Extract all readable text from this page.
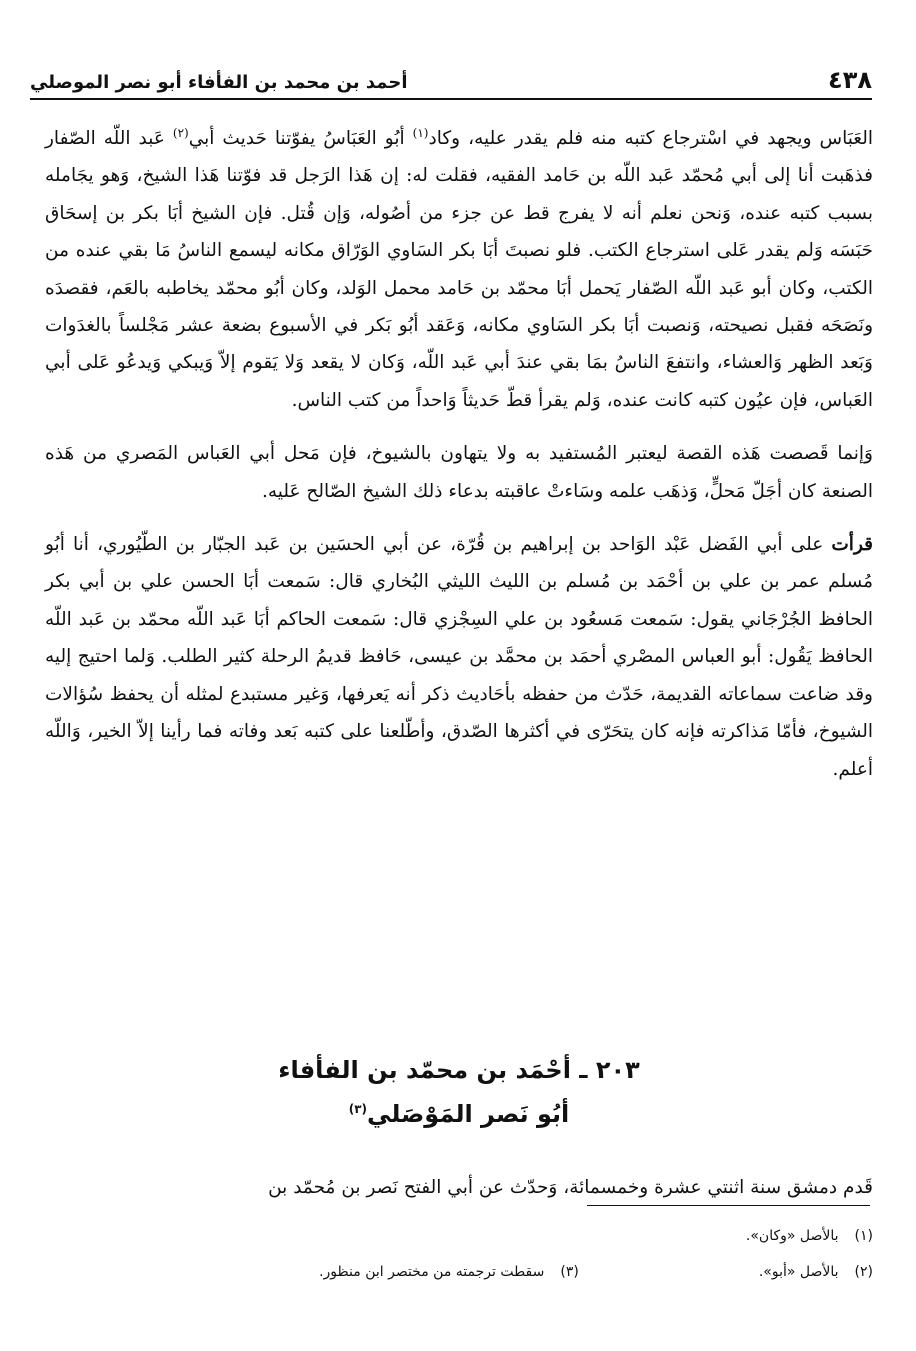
٤٣٨
أحمد بن محمد بن الفأفاء أبو نصر الموصلي

العَبَاس ويجهد في اسْترجاع كتبه منه فلم يقدر عليه، وكاد$^{(١)}$ أبُو العَبَاسُ يفوّتنا حَديث أبي$^{(٢)}$ عَبد اللّه الصّفار فذهَبت أنا إلى أبي مُحمّد عَبد اللّه بن حَامد الفقيه، فقلت له: إن هَذا الرَجل قد فوّتنا هَذا الشيخ، وَهو يجَامله بسبب كتبه عنده، وَنحن نعلم أنه لا يفرج قط عن جزء من أصُوله، وَإن قُتل. فإن الشيخ أبَا بكر بن إسحَاق حَبَسَه وَلم يقدر عَلى استرجاع الكتب. فلو نصبتَ أبَا بكر السَاوي الوَرّاق مكانه ليسمع الناسُ مَا بقي عنده من الكتب، وكان أبو عَبد اللّه الصّفار يَحمل أبَا محمّد بن حَامد محمل الوَلد، وكان أبُو محمّد يخاطبه بالعَم، فقصدَه ونَصَحَه فقبل نصيحته، وَنصبت أبَا بكر السَاوي مكانه، وَعَقد أبُو بَكر في الأسبوع بضعة عشر مَجْلساً بالغدَوات وَبَعد الظهر وَالعشاء، وانتفعَ الناسُ بمَا بقي عندَ أبي عَبد اللّه، وَكان لا يقعد وَلا يَقوم إلاّ وَيبكي وَيدعُو عَلى أبي العَباس، فإن عيُون كتبه كانت عنده، وَلم يقرأ قطّ حَديثاً وَاحداً من كتب الناس.

وَإنما قَصصت هَذه القصة ليعتبر المُستفيد به ولا يتهاون بالشيوخ، فإن مَحل أبي العَباس المَصري من هَذه الصنعة كان أجَلّ مَحلٍّ، وَذهَب علمه وسَاءتْ عاقبته بدعاء ذلك الشيخ الصّالح عَليه.

قرأت على أبي الفَضل عَبْد الوَاحد بن إبراهيم بن قُرّة، عن أبي الحسَين بن عَبد الجبّار بن الطّيُوري، أنا أبُو مُسلم عمر بن علي بن أحْمَد بن مُسلم بن الليث الليثي البُخاري قال: سَمعت أبَا الحسن علي بن أبي بكر الحافظ الجُرْجَاني يقول: سَمعت مَسعُود بن علي السِجْزي قال: سَمعت الحاكم أبَا عَبد اللّه محمّد بن عَبد اللّه الحافظ يَقُول: أبو العباس المصْري أحمَد بن محمَّد بن عيسى، حَافظ قديمُ الرحلة كثير الطلب. وَلما احتيج إليه وقد ضاعت سماعاته القديمة، حَدّث من حفظه بأحَاديث ذكر أنه يَعرفها، وَغير مستبدع لمثله أن يحفظ سُؤالات الشيوخ، فأمّا مَذاكرته فإنه كان يتحَرّى في أكثرها الصّدق، وأطّلعنا على كتبه بَعد وفاته فما رأينا إلاّ الخير، وَاللّه أعلم.

٢٠٣ ـ أحْمَد بن محمّد بن الفأفاء
أبُو نَصر المَوْصَلي$^{(٣)}$

قَدم دمشق سنة اثنتي عشرة وخمسمائة، وَحدّث عن أبي الفتح نَصر بن مُحمّد بن

(١)
بالأصل «وكان».
(٢)
بالأصل «أبو».
(٣)
سقطت ترجمته من مختصر ابن منظور.
